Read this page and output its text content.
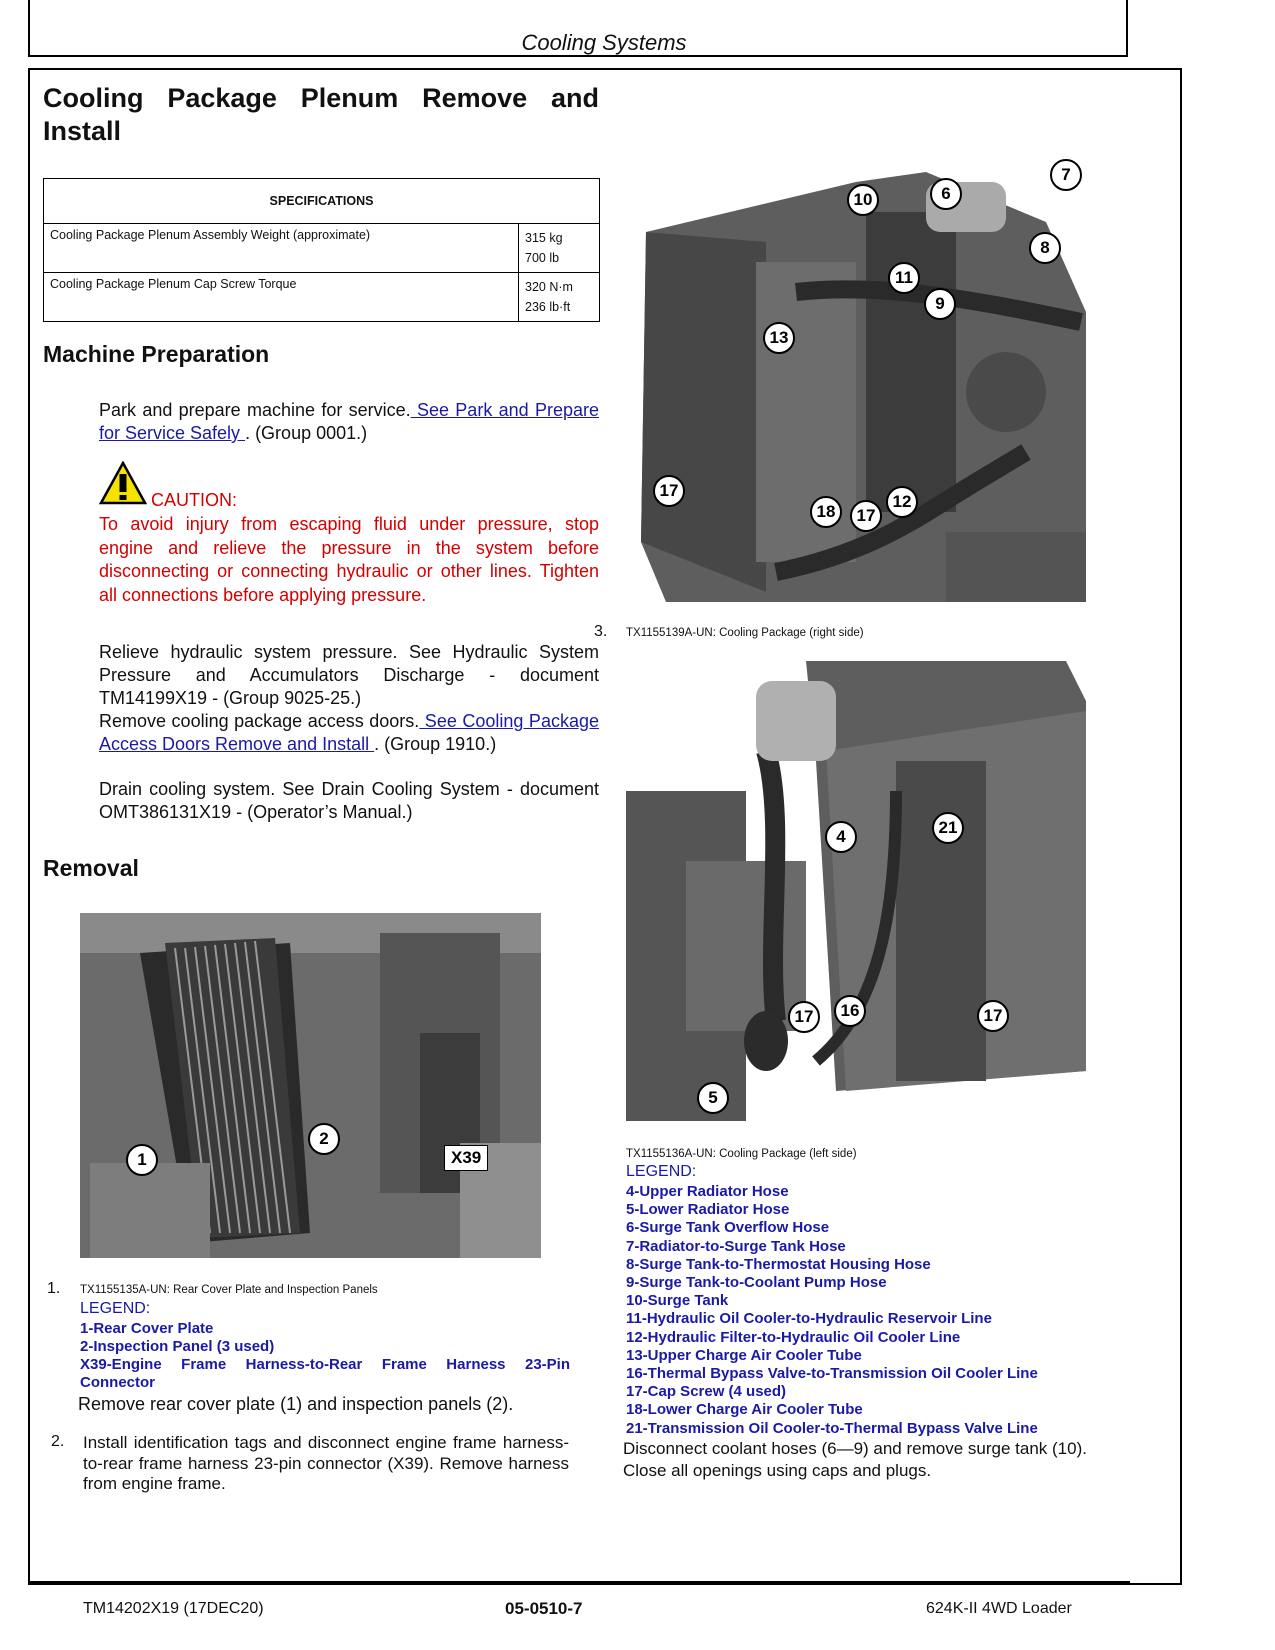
Cooling Systems
Cooling Package Plenum Remove and Install
SPECIFICATIONS	
Cooling Package Plenum Assembly Weight (approximate)	315 kg
700 lb

Cooling Package Plenum Cap Screw Torque	320 N·m
236 lb·ft
Machine Preparation
Park and prepare machine for service. See Park and Prepare for Service Safely . (Group 0001.)
CAUTION:
To avoid injury from escaping fluid under pressure, stop engine and relieve the pressure in the system before disconnecting or connecting hydraulic or other lines. Tighten all connections before applying pressure.
Relieve hydraulic system pressure. See Hydraulic System Pressure and Accumulators Discharge - document TM14199X19 - (Group 9025-25.)
Remove cooling package access doors. See Cooling Package Access Doors Remove and Install . (Group 1910.)
Drain cooling system. See Drain Cooling System - document OMT386131X19 - (Operator’s Manual.)
Removal
1
2
X39
1. TX1155135A-UN: Rear Cover Plate and Inspection Panels
LEGEND:
1-Rear Cover Plate
2-Inspection Panel (3 used)
X39-Engine Frame Harness-to-Rear Frame Harness 23-Pin Connector
Remove rear cover plate (1) and inspection panels (2).
2. Install identification tags and disconnect engine frame harness-to-rear frame harness 23-pin connector (X39). Remove harness from engine frame.
10	6
7
8
11
9
13
17
18	17
12
3. TX1155139A-UN: Cooling Package (right side)
4	21
17	16	17
5
TX1155136A-UN: Cooling Package (left side)
LEGEND:
4-Upper Radiator Hose
5-Lower Radiator Hose
6-Surge Tank Overflow Hose
7-Radiator-to-Surge Tank Hose
8-Surge Tank-to-Thermostat Housing Hose
9-Surge Tank-to-Coolant Pump Hose
10-Surge Tank
11-Hydraulic Oil Cooler-to-Hydraulic Reservoir Line
12-Hydraulic Filter-to-Hydraulic Oil Cooler Line
13-Upper Charge Air Cooler Tube
16-Thermal Bypass Valve-to-Transmission Oil Cooler Line
17-Cap Screw (4 used)
18-Lower Charge Air Cooler Tube
21-Transmission Oil Cooler-to-Thermal Bypass Valve Line
Disconnect coolant hoses (6—9) and remove surge tank (10). Close all openings using caps and plugs.
TM14202X19 (17DEC20)	05-0510-7	624K-II 4WD Loader
